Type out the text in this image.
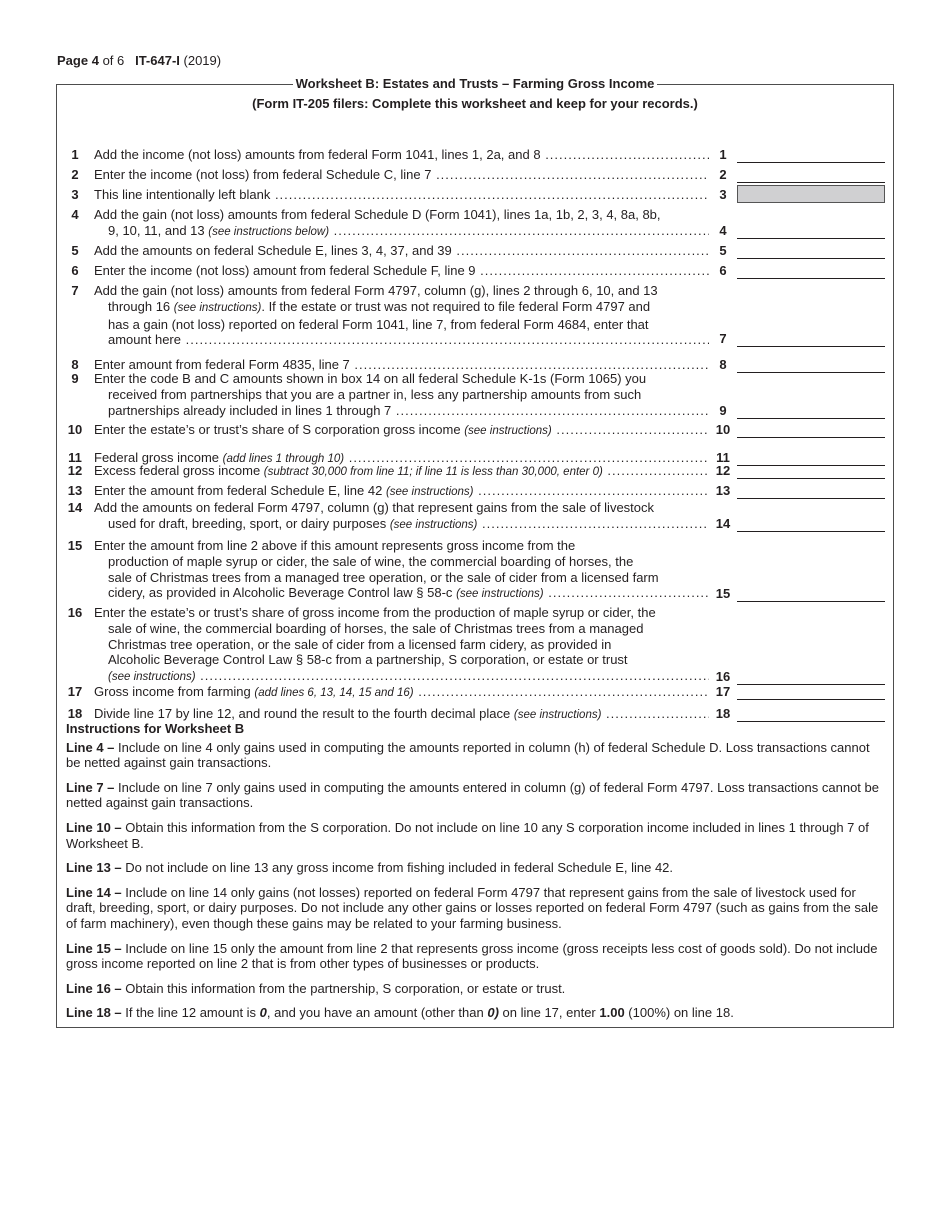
Page 4 of 6 IT-647-I (2019)
Worksheet B: Estates and Trusts – Farming Gross Income
(Form IT-205 filers: Complete this worksheet and keep for your records.)
1	Add the income (not loss) amounts from federal Form 1041, lines 1, 2a, and 8 .....	1
2	Enter the income (not loss) from federal Schedule C, line 7 .....	2
3	This line intentionally left blank .....	3
4	Add the gain (not loss) amounts from federal Schedule D (Form 1041), lines 1a, 1b, 2, 3, 4, 8a, 8b,
9, 10, 11, and 13 (see instructions below) .....	4
5	Add the amounts on federal Schedule E, lines 3, 4, 37, and 39 .....	5
6	Enter the income (not loss) amount from federal Schedule F, line 9 .....	6
7	Add the gain (not loss) amounts from federal Form 4797, column (g), lines 2 through 6, 10, and 13
through 16 (see instructions). If the estate or trust was not required to file federal Form 4797 and
has a gain (not loss) reported on federal Form 1041, line 7, from federal Form 4684, enter that
amount here .....	7
8	Enter amount from federal Form 4835, line 7 .....	8
9	Enter the code B and C amounts shown in box 14 on all federal Schedule K-1s (Form 1065) you
received from partnerships that you are a partner in, less any partnership amounts from such
partnerships already included in lines 1 through 7 .....	9
10 Enter the estate’s or trust’s share of S corporation gross income (see instructions) .....	10
11 Federal gross income (add lines 1 through 10) .....	11
12 Excess federal gross income (subtract 30,000 from line 11; if line 11 is less than 30,000, enter 0) .....	12
13 Enter the amount from federal Schedule E, line 42 (see instructions) .....	13
14 Add the amounts on federal Form 4797, column (g) that represent gains from the sale of livestock
used for draft, breeding, sport, or dairy purposes (see instructions) .....	14
15 Enter the amount from line 2 above if this amount represents gross income from the
production of maple syrup or cider, the sale of wine, the commercial boarding of horses, the
sale of Christmas trees from a managed tree operation, or the sale of cider from a licensed farm
cidery, as provided in Alcoholic Beverage Control law § 58-c (see instructions) .....	15
16 Enter the estate’s or trust’s share of gross income from the production of maple syrup or cider, the
sale of wine, the commercial boarding of horses, the sale of Christmas trees from a managed
Christmas tree operation, or the sale of cider from a licensed farm cidery, as provided in
Alcoholic Beverage Control Law § 58-c from a partnership, S corporation, or estate or trust
(see instructions) .....	16
17 Gross income from farming (add lines 6, 13, 14, 15 and 16) .....	17
18 Divide line 17 by line 12, and round the result to the fourth decimal place (see instructions) .....	18
Instructions for Worksheet B
Line 4 – Include on line 4 only gains used in computing the amounts reported in column (h) of federal Schedule D. Loss transactions cannot be netted against gain transactions.
Line 7 – Include on line 7 only gains used in computing the amounts entered in column (g) of federal Form 4797. Loss transactions cannot be netted against gain transactions.
Line 10 – Obtain this information from the S corporation. Do not include on line 10 any S corporation income included in lines 1 through 7 of Worksheet B.
Line 13 – Do not include on line 13 any gross income from fishing included in federal Schedule E, line 42.
Line 14 – Include on line 14 only gains (not losses) reported on federal Form 4797 that represent gains from the sale of livestock used for draft, breeding, sport, or dairy purposes. Do not include any other gains or losses reported on federal Form 4797 (such as gains from the sale of farm machinery), even though these gains may be related to your farming business.
Line 15 – Include on line 15 only the amount from line 2 that represents gross income (gross receipts less cost of goods sold). Do not include gross income reported on line 2 that is from other types of businesses or products.
Line 16 – Obtain this information from the partnership, S corporation, or estate or trust.
Line 18 – If the line 12 amount is 0, and you have an amount (other than 0) on line 17, enter 1.00 (100%) on line 18.
